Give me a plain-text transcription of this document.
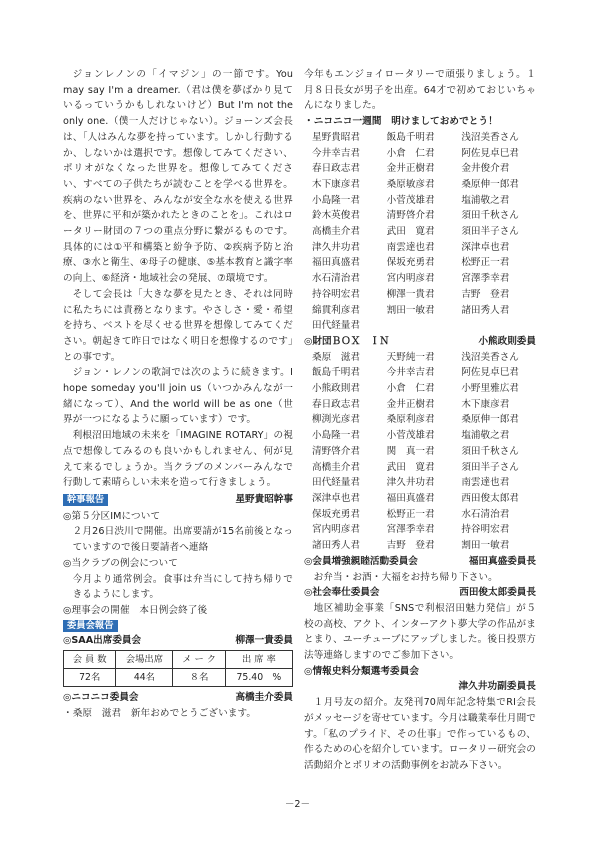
ジョンレノンの「イマジン」の一節です。You may say I'm a dreamer.（君は僕を夢ばかり見ているっていうかもしれないけど）But I'm not the only one.（僕一人だけじゃない）。ジョーンズ会長は、「人はみんな夢を持っています。しかし行動するか、しないかは選択です。想像してみてください、ポリオがなくなった世界を。想像してみてください、すべての子供たちが読むことを学べる世界を。疾病のない世界を、みんなが安全な水を使える世界を、世界に平和が築かれたときのことを」。これはロータリー財団の７つの重点分野に繋がるものです。具体的には①平和構築と紛争予防、②疾病予防と治療、③水と衛生、④母子の健康、⑤基本教育と識字率の向上、⑥経済・地域社会の発展、⑦環境です。

そして会長は「大きな夢を見たとき、それは同時に私たちには責務となります。やさしさ・愛・希望を持ち、ベストを尽くせる世界を想像してみてください。朝起きて昨日ではなく明日を想像するのです」との事です。

ジョン・レノンの歌詞では次のように続きます。I hope someday you'll join us（いつかみんなが一緒になって）、And the world will be as one（世界が一つになるように願っています）です。

利根沼田地域の未来を「IMAGINE ROTARY」の視点で想像してみるのも良いかもしれません、何が見えて来るでしょうか。当クラブのメンバーみんなで行動して素晴らしい未来を造って行きましょう。

幹事報告	星野貴昭幹事

◎第５分区IMについて

２月26日渋川で開催。出席要請が15名前後となっていますので後日要請者へ連絡

◎当クラブの例会について

今月より通常例会。食事は弁当にして持ち帰りできるようにします。

◎理事会の開催　本日例会終了後

委員会報告
◎SAA出席委員会	柳澤一貴委員
会 員 数	会場出席	メ ー ク	出 席 率
72名	44名	８名	75.40　%
◎ニコニコ委員会	高橋圭介委員

・桑原　滋君　新年おめでとうございます。

今年もエンジョイロータリーで頑張りましょう。１月８日長女が男子を出産。64才で初めておじいちゃんになりました。

・ニコニコ一週間　明けましておめでとう！

星野貴昭君	飯島千明君	浅沼美香さん
今井幸吉君	小倉　仁君	阿佐見卓巳君
春日政志君	金井正樹君	金井俊介君
木下康彦君	桑原敏彦君	桑原伸一郎君
小島隆一君	小菅茂雄君	塩浦敬之君
鈴木英俊君	清野啓介君	須田千秋さん
高橋圭介君	武田　寛君	須田半子さん
津久井功君	南雲達也君	深津卓也君
福田真盛君	保坂充勇君	松野正一君
水石清治君	宮内明彦君	宮澤季幸君
持谷明宏君	柳澤一貴君	吉野　登君
綿貫利彦君	割田一敏君	諸田秀人君
田代経量君
◎財団ＢＯＸ　ＩＮ	小熊政則委員
桑原　滋君	天野純一君	浅沼美香さん
飯島千明君	今井幸吉君	阿佐見卓巳君
小熊政則君	小倉　仁君	小野里雅広君
春日政志君	金井正樹君	木下康彦君
柳渕光彦君	桑原利彦君	桑原伸一郎君
小島隆一君	小菅茂雄君	塩浦敬之君
清野啓介君	関　真一君	須田千秋さん
高橋圭介君	武田　寛君	須田半子さん
田代経量君	津久井功君	南雲達也君
深津卓也君	福田真盛君	西田俊太郎君
保坂充勇君	松野正一君	水石清治君
宮内明彦君	宮澤季幸君	持谷明宏君
諸田秀人君	吉野　登君	割田一敏君
◎会員増強親睦活動委員会	福田真盛委員長

お弁当・お酒・大福をお持ち帰り下さい。

◎社会奉仕委員会	西田俊太郎委員長

地区補助金事業「SNSで利根沼田魅力発信」が５校の高校、アクト、インターアクト夢大学の作品がまとまり、ユーチューブにアップしました。後日投票方法等連絡しますのでご参加下さい。

◎情報史料分類選考委員会

津久井功副委員長

１月号友の紹介。友発刊70周年記念特集でRI会長がメッセージを寄せています。今月は職業奉仕月間です。「私のプライド、その仕事」で作っているもの、作るための心を紹介しています。ロータリー研究会の活動紹介とポリオの活動事例をお読み下さい。

－2－
